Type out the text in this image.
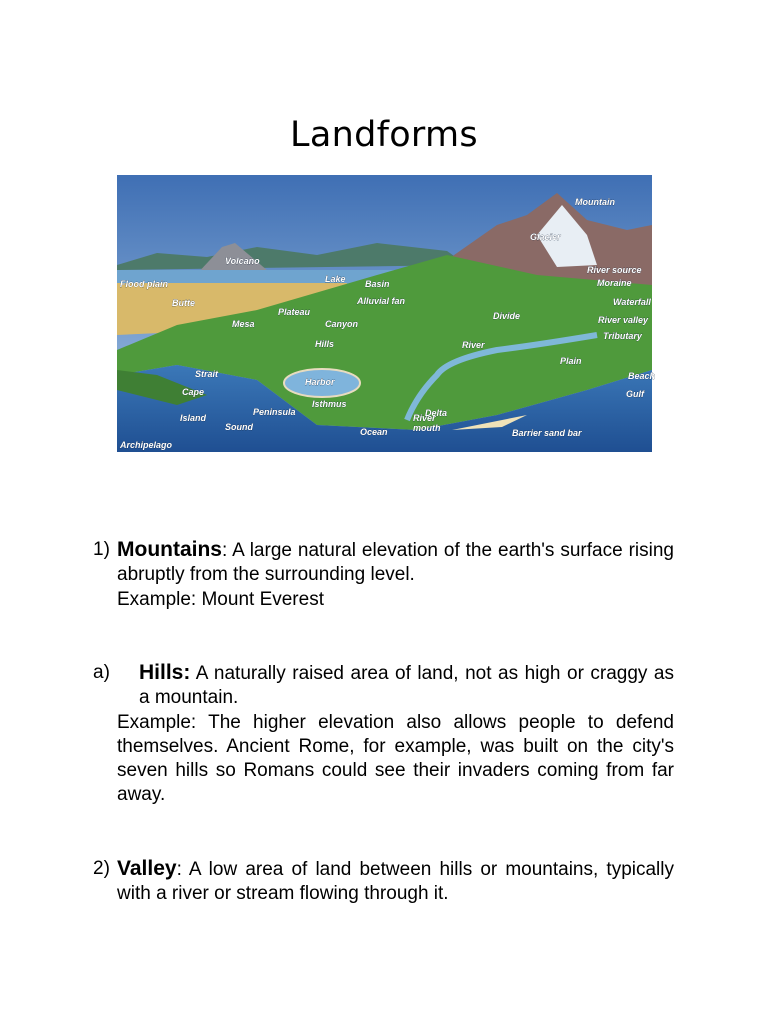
Landforms
Volcano
Flood plain	Lake Basin
Alluvial fan
Butte
Plateau
Mesa	Canyon
Hills
Strait
Harbor
Cape
Isthmus
Island
Peninsula
Sound	Ocean
Archipelago
River
mouth
Delta
Barrier sand bar
Divide
River
Plain
Beach
Gulf
Tributary
River valley
Waterfall
Moraine
River source
Glacier
Mountain
1) Mountains: A large natural elevation of the earth's surface rising abruptly from the surrounding level.

Example: Mount Everest

a)	Hills: A naturally raised area of land, not as high or craggy as a mountain.

Example: The higher elevation also allows people to defend themselves. Ancient Rome, for example, was built on the city's seven hills so Romans could see their invaders coming from far away.

2) Valley: A low area of land between hills or mountains, typically with a river or stream flowing through it.
